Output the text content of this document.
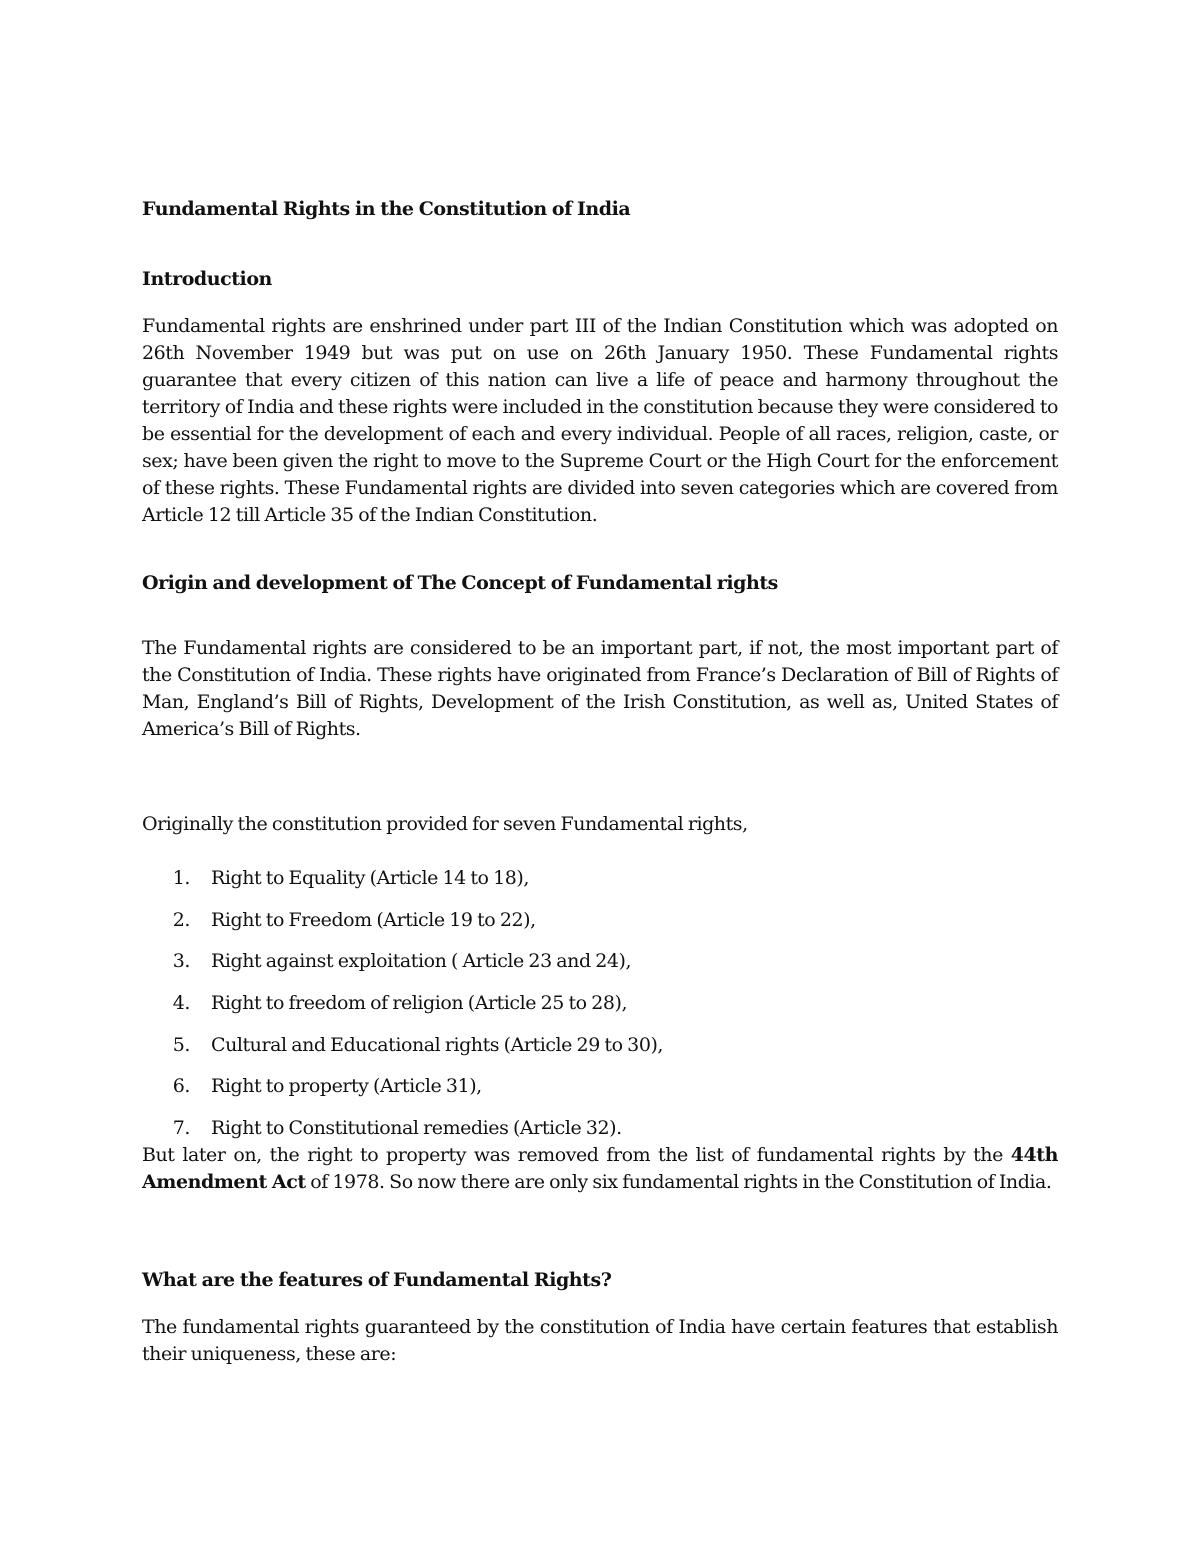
Fundamental Rights in the Constitution of India
Introduction

Fundamental rights are enshrined under part III of the Indian Constitution which was adopted on 26th November 1949 but was put on use on 26th January 1950. These Fundamental rights guarantee that every citizen of this nation can live a life of peace and harmony throughout the territory of India and these rights were included in the constitution because they were considered to be essential for the development of each and every individual. People of all races, religion, caste, or sex; have been given the right to move to the Supreme Court or the High Court for the enforcement of these rights. These Fundamental rights are divided into seven categories which are covered from Article 12 till Article 35 of the Indian Constitution.

Origin and development of The Concept of Fundamental rights

The Fundamental rights are considered to be an important part, if not, the most important part of the Constitution of India. These rights have originated from France’s Declaration of Bill of Rights of Man, England’s Bill of Rights, Development of the Irish Constitution, as well as, United States of America’s Bill of Rights.

Originally the constitution provided for seven Fundamental rights,

1. Right to Equality (Article 14 to 18),
2. Right to Freedom (Article 19 to 22),
3. Right against exploitation ( Article 23 and 24),
4. Right to freedom of religion (Article 25 to 28),
5. Cultural and Educational rights (Article 29 to 30),
6. Right to property (Article 31),
7. Right to Constitutional remedies (Article 32).

But later on, the right to property was removed from the list of fundamental rights by the 44th Amendment Act of 1978. So now there are only six fundamental rights in the Constitution of India.

What are the features of Fundamental Rights?

The fundamental rights guaranteed by the constitution of India have certain features that establish their uniqueness, these are:
